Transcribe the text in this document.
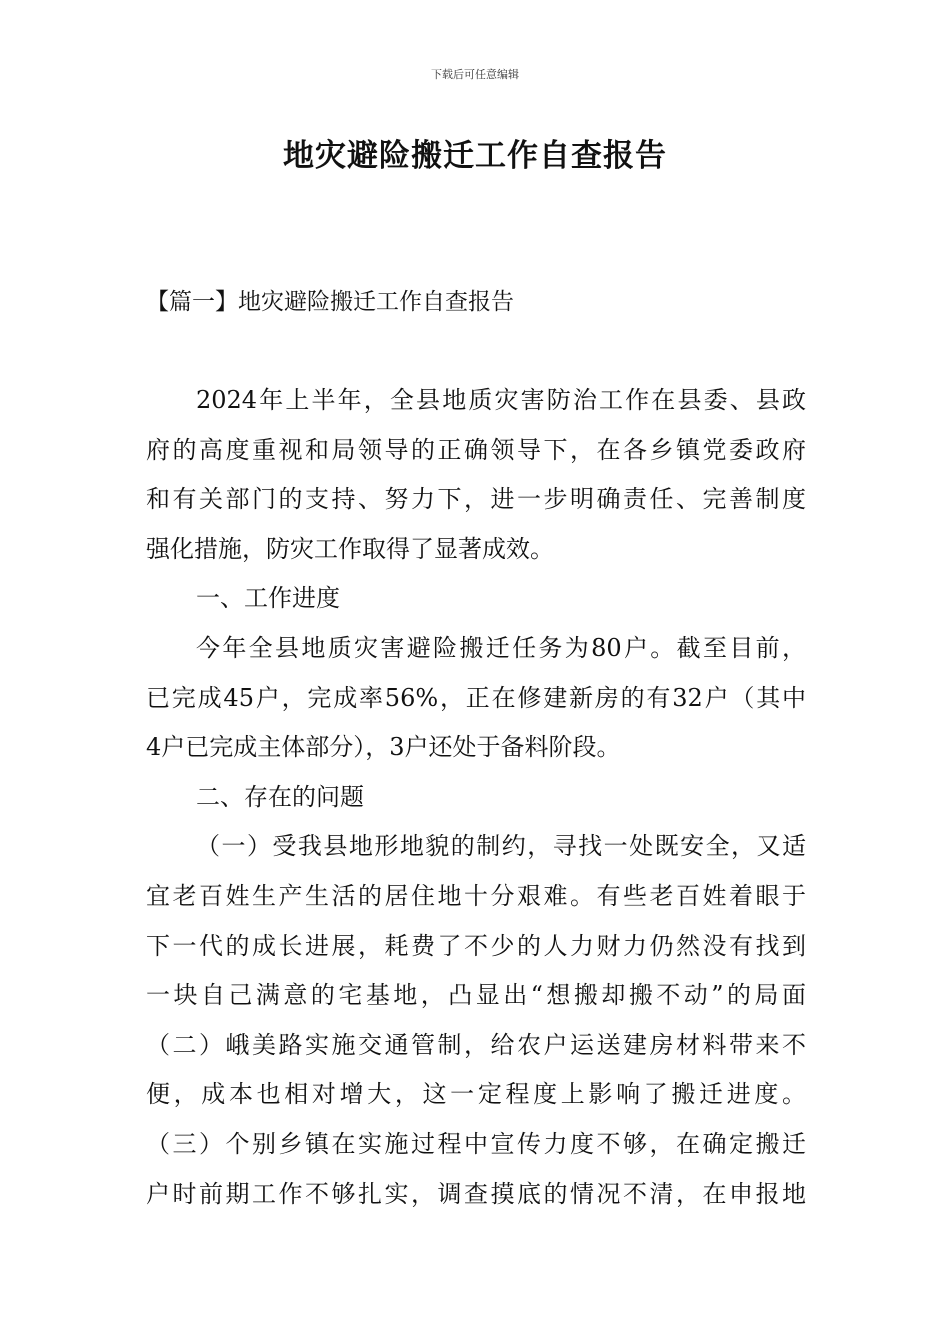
下载后可任意编辑
地灾避险搬迁工作自查报告
【篇一】地灾避险搬迁工作自查报告
2024年上半年，全县地质灾害防治工作在县委、县政
府的高度重视和局领导的正确领导下，在各乡镇党委政府
和有关部门的支持、努力下，进一步明确责任、完善制度
强化措施，防灾工作取得了显著成效。
一、工作进度
今年全县地质灾害避险搬迁任务为80户。截至目前，
已完成45户，完成率56%，正在修建新房的有32户（其中
4户已完成主体部分），3户还处于备料阶段。
二、存在的问题
（一）受我县地形地貌的制约，寻找一处既安全，又适
宜老百姓生产生活的居住地十分艰难。有些老百姓着眼于
下一代的成长进展，耗费了不少的人力财力仍然没有找到
一块自己满意的宅基地，凸显出“想搬却搬不动”的局面
（二）峨美路实施交通管制，给农户运送建房材料带来不
便，成本也相对增大，这一定程度上影响了搬迁进度。
（三）个别乡镇在实施过程中宣传力度不够，在确定搬迁
户时前期工作不够扎实，调查摸底的情况不清，在申报地
